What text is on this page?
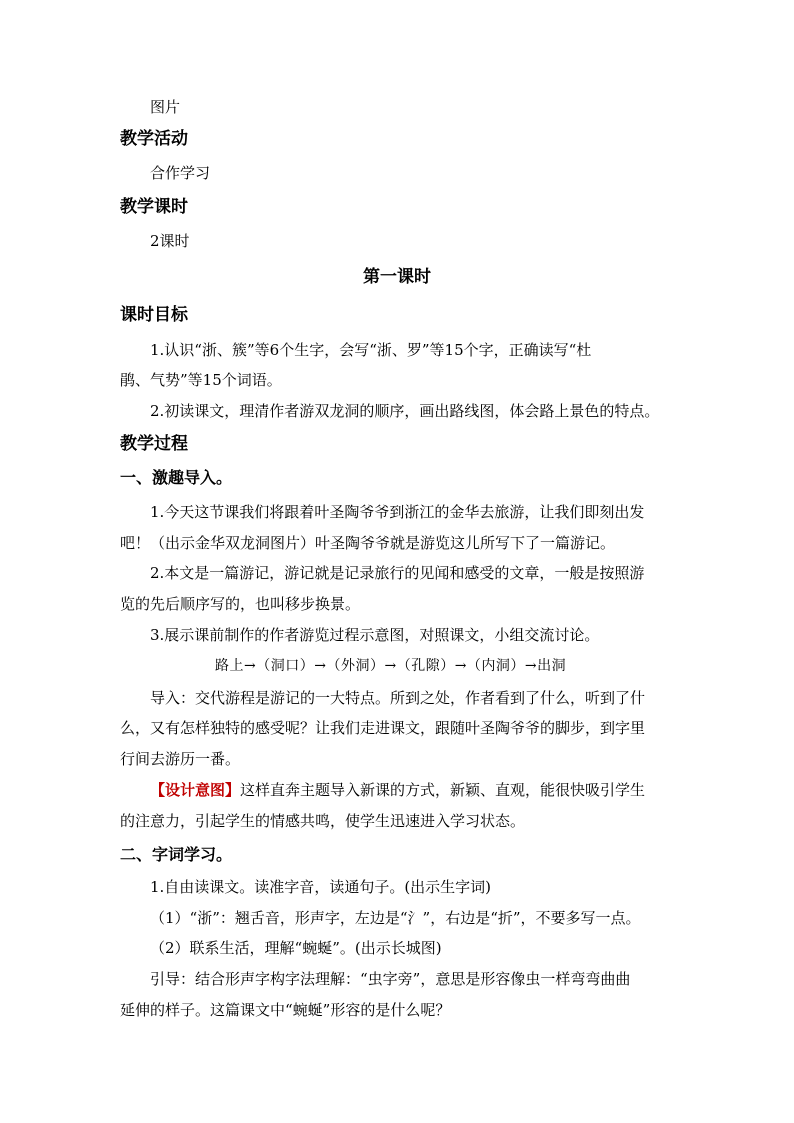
图片
教学活动
合作学习
教学课时
2课时
第一课时
课时目标
1.认识“浙、簇”等6个生字，会写“浙、罗”等15个字，正确读写“杜
鹃、气势”等15个词语。
2.初读课文，理清作者游双龙洞的顺序，画出路线图，体会路上景色的特点。
教学过程
一、激趣导入。
1.今天这节课我们将跟着叶圣陶爷爷到浙江的金华去旅游，让我们即刻出发
吧！（出示金华双龙洞图片）叶圣陶爷爷就是游览这儿所写下了一篇游记。
2.本文是一篇游记，游记就是记录旅行的见闻和感受的文章，一般是按照游
览的先后顺序写的，也叫移步换景。
3.展示课前制作的作者游览过程示意图，对照课文，小组交流讨论。
路上→（洞口）→（外洞）→（孔隙）→（内洞）→出洞
导入：交代游程是游记的一大特点。所到之处，作者看到了什么，听到了什
么，又有怎样独特的感受呢？让我们走进课文，跟随叶圣陶爷爷的脚步，到字里
行间去游历一番。
【设计意图】这样直奔主题导入新课的方式，新颖、直观，能很快吸引学生
的注意力，引起学生的情感共鸣，使学生迅速进入学习状态。
二、字词学习。
1.自由读课文。读准字音，读通句子。(出示生字词)
（1）“浙”：翘舌音，形声字，左边是“氵”，右边是“折”，不要多写一点。
（2）联系生活，理解“蜿蜒”。(出示长城图)
引导：结合形声字构字法理解：“虫字旁”，意思是形容像虫一样弯弯曲曲
延伸的样子。这篇课文中“蜿蜒”形容的是什么呢？
